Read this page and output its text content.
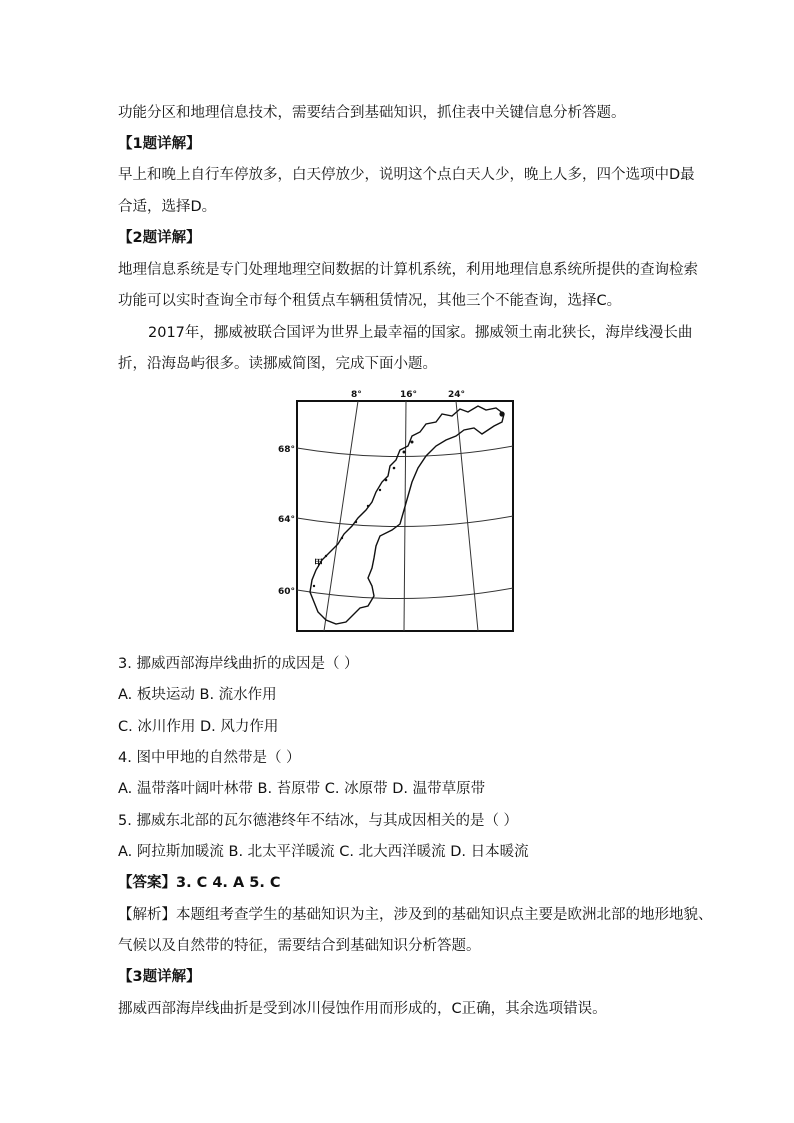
功能分区和地理信息技术，需要结合到基础知识，抓住表中关键信息分析答题。
【1题详解】
早上和晚上自行车停放多，白天停放少，说明这个点白天人少，晚上人多，四个选项中D最
合适，选择D。
【2题详解】
地理信息系统是专门处理地理空间数据的计算机系统，利用地理信息系统所提供的查询检索
功能可以实时查询全市每个租赁点车辆租赁情况，其他三个不能查询，选择C。
2017年，挪威被联合国评为世界上最幸福的国家。挪威领土南北狭长，海岸线漫长曲
折，沿海岛屿很多。读挪威简图，完成下面小题。
8°	16°	24°
68°
64°
60°
甲
3. 挪威西部海岸线曲折的成因是（ ）
A. 板块运动 B. 流水作用
C. 冰川作用 D. 风力作用
4. 图中甲地的自然带是（ ）
A. 温带落叶阔叶林带 B. 苔原带 C. 冰原带 D. 温带草原带
5. 挪威东北部的瓦尔德港终年不结冰，与其成因相关的是（ ）
A. 阿拉斯加暖流 B. 北太平洋暖流 C. 北大西洋暖流 D. 日本暖流
【答案】3. C 4. A 5. C
【解析】本题组考查学生的基础知识为主，涉及到的基础知识点主要是欧洲北部的地形地貌、
气候以及自然带的特征，需要结合到基础知识分析答题。
【3题详解】
挪威西部海岸线曲折是受到冰川侵蚀作用而形成的，C正确，其余选项错误。
